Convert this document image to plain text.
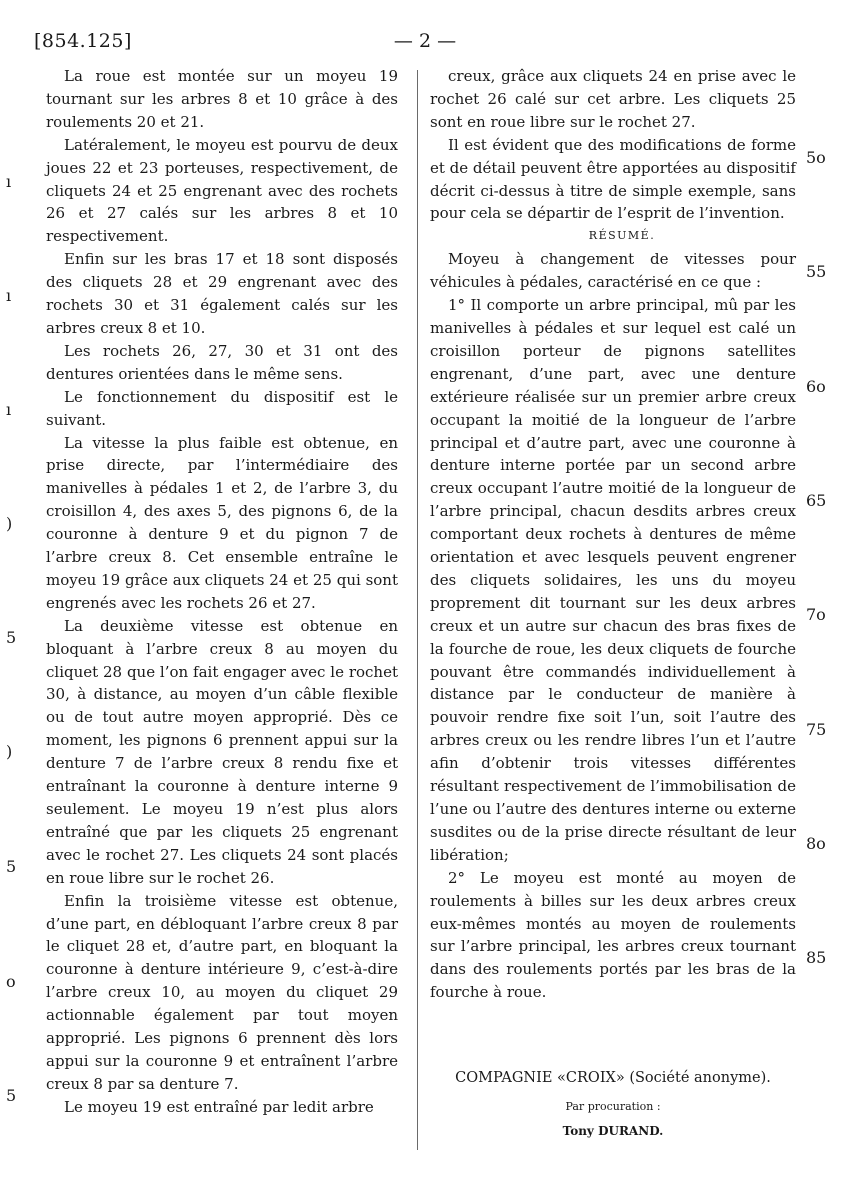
[854.125]	— 2 —

La roue est montée sur un moyeu 19 tournant sur les arbres 8 et 10 grâce à des roulements 20 et 21.

Latéralement, le moyeu est pourvu de deux joues 22 et 23 porteuses, respectivement, de cliquets 24 et 25 engrenant avec des rochets 26 et 27 calés sur les arbres 8 et 10 respectivement.

Enfin sur les bras 17 et 18 sont disposés des cliquets 28 et 29 engrenant avec des rochets 30 et 31 également calés sur les arbres creux 8 et 10.

Les rochets 26, 27, 30 et 31 ont des dentures orientées dans le même sens.

Le fonctionnement du dispositif est le suivant.

La vitesse la plus faible est obtenue, en prise directe, par l’intermédiaire des manivelles à pédales 1 et 2, de l’arbre 3, du croisillon 4, des axes 5, des pignons 6, de la couronne à denture 9 et du pignon 7 de l’arbre creux 8. Cet ensemble entraîne le moyeu 19 grâce aux cliquets 24 et 25 qui sont engrenés avec les rochets 26 et 27.

La deuxième vitesse est obtenue en bloquant à l’arbre creux 8 au moyen du cliquet 28 que l’on fait engager avec le rochet 30, à distance, au moyen d’un câble flexible ou de tout autre moyen approprié. Dès ce moment, les pignons 6 prennent appui sur la denture 7 de l’arbre creux 8 rendu fixe et entraînant la couronne à denture interne 9 seulement. Le moyeu 19 n’est plus alors entraîné que par les cliquets 25 engrenant avec le rochet 27. Les cliquets 24 sont placés en roue libre sur le rochet 26.

Enfin la troisième vitesse est obtenue, d’une part, en débloquant l’arbre creux 8 par le cliquet 28 et, d’autre part, en bloquant la couronne à denture intérieure 9, c’est-à-dire l’arbre creux 10, au moyen du cliquet 29 actionnable également par tout moyen approprié. Les pignons 6 prennent dès lors appui sur la couronne 9 et entraînent l’arbre creux 8 par sa denture 7.

Le moyeu 19 est entraîné par ledit arbre

creux, grâce aux cliquets 24 en prise avec le rochet 26 calé sur cet arbre. Les cliquets 25 sont en roue libre sur le rochet 27.

Il est évident que des modifications de forme et de détail peuvent être apportées au dispositif décrit ci-dessus à titre de simple exemple, sans pour cela se départir de l’esprit de l’invention.

RÉSUMÉ.

Moyeu à changement de vitesses pour véhicules à pédales, caractérisé en ce que :

1° Il comporte un arbre principal, mû par les manivelles à pédales et sur lequel est calé un croisillon porteur de pignons satellites engrenant, d’une part, avec une denture extérieure réalisée sur un premier arbre creux occupant la moitié de la longueur de l’arbre principal et d’autre part, avec une couronne à denture interne portée par un second arbre creux occupant l’autre moitié de la longueur de l’arbre principal, chacun desdits arbres creux comportant deux rochets à dentures de même orientation et avec lesquels peuvent engrener des cliquets solidaires, les uns du moyeu proprement dit tournant sur les deux arbres creux et un autre sur chacun des bras fixes de la fourche de roue, les deux cliquets de fourche pouvant être commandés individuellement à distance par le conducteur de manière à pouvoir rendre fixe soit l’un, soit l’autre des arbres creux ou les rendre libres l’un et l’autre afin d’obtenir trois vitesses différentes résultant respectivement de l’immobilisation de l’une ou l’autre des dentures interne ou externe susdites ou de la prise directe résultant de leur libération;

2° Le moyeu est monté au moyen de roulements à billes sur les deux arbres creux eux-mêmes montés au moyen de roulements sur l’arbre principal, les arbres creux tournant dans des roulements portés par les bras de la fourche à roue.

ı
ı
ı
)
5
)
5
o
5
5o
55
6o
65
7o
75
8o
85
COMPAGNIE «CROIX» (Société anonyme).
Par procuration :
Tony DURAND.
